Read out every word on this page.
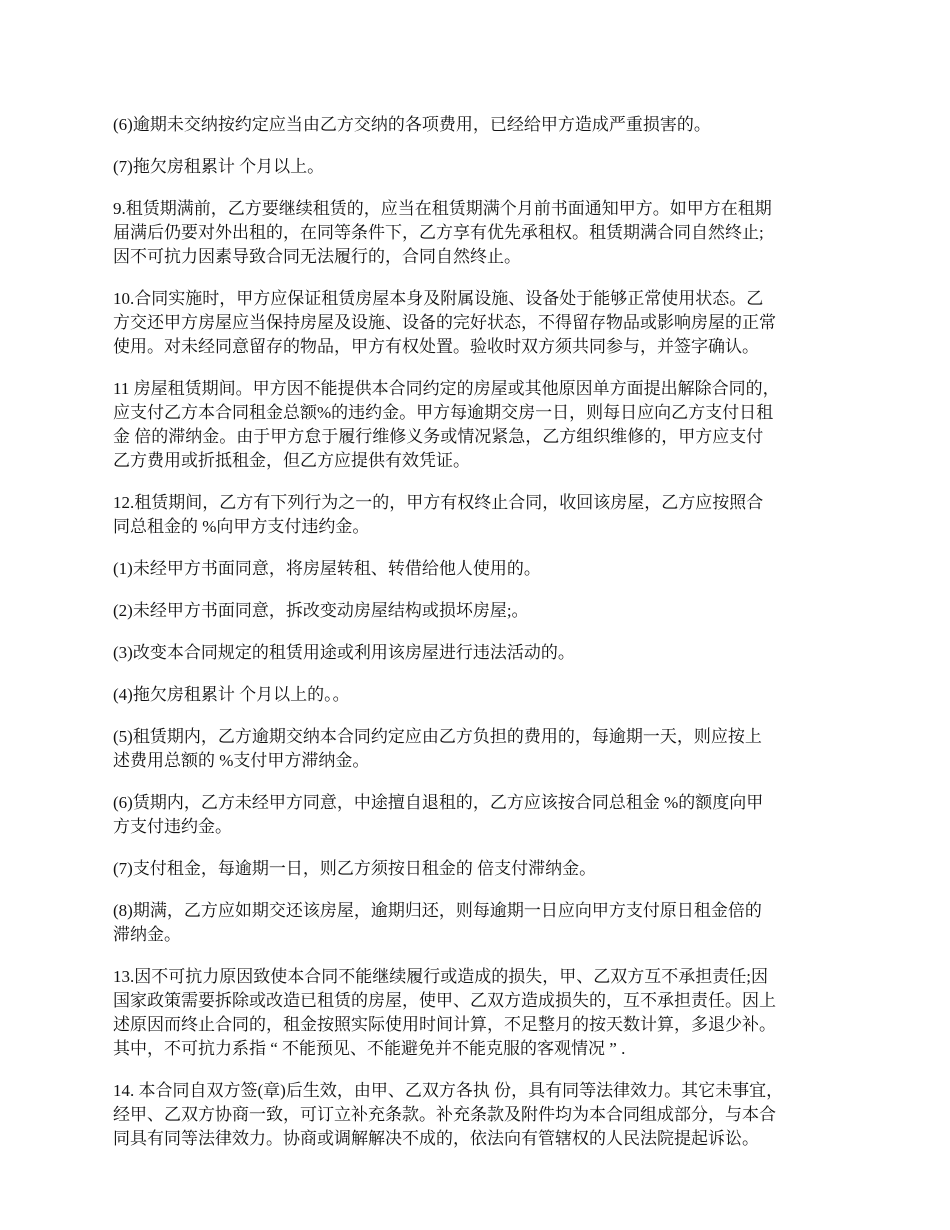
(6)逾期未交纳按约定应当由乙方交纳的各项费用，已经给甲方造成严重损害的。
(7)拖欠房租累计 个月以上。
9.租赁期满前，乙方要继续租赁的，应当在租赁期满个月前书面通知甲方。如甲方在租期
届满后仍要对外出租的，在同等条件下，乙方享有优先承租权。租赁期满合同自然终止;
因不可抗力因素导致合同无法履行的，合同自然终止。
10.合同实施时，甲方应保证租赁房屋本身及附属设施、设备处于能够正常使用状态。乙
方交还甲方房屋应当保持房屋及设施、设备的完好状态，不得留存物品或影响房屋的正常
使用。对未经同意留存的物品，甲方有权处置。验收时双方须共同参与，并签字确认。
11 房屋租赁期间。甲方因不能提供本合同约定的房屋或其他原因单方面提出解除合同的，
应支付乙方本合同租金总额%的违约金。甲方每逾期交房一日，则每日应向乙方支付日租
金 倍的滞纳金。由于甲方怠于履行维修义务或情况紧急，乙方组织维修的，甲方应支付
乙方费用或折抵租金，但乙方应提供有效凭证。
12.租赁期间，乙方有下列行为之一的，甲方有权终止合同，收回该房屋，乙方应按照合
同总租金的 %向甲方支付违约金。
(1)未经甲方书面同意，将房屋转租、转借给他人使用的。
(2)未经甲方书面同意，拆改变动房屋结构或损坏房屋;。
(3)改变本合同规定的租赁用途或利用该房屋进行违法活动的。
(4)拖欠房租累计 个月以上的。。
(5)租赁期内，乙方逾期交纳本合同约定应由乙方负担的费用的，每逾期一天，则应按上
述费用总额的 %支付甲方滞纳金。
(6)赁期内，乙方未经甲方同意，中途擅自退租的，乙方应该按合同总租金 %的额度向甲
方支付违约金。
(7)支付租金，每逾期一日，则乙方须按日租金的 倍支付滞纳金。
(8)期满，乙方应如期交还该房屋，逾期归还，则每逾期一日应向甲方支付原日租金倍的
滞纳金。
13.因不可抗力原因致使本合同不能继续履行或造成的损失，甲、乙双方互不承担责任;因
国家政策需要拆除或改造已租赁的房屋，使甲、乙双方造成损失的，互不承担责任。因上
述原因而终止合同的，租金按照实际使用时间计算，不足整月的按天数计算，多退少补。
其中，不可抗力系指 “ 不能预见、不能避免并不能克服的客观情况 ” .
14. 本合同自双方签(章)后生效，由甲、乙双方各执 份，具有同等法律效力。其它未事宜，
经甲、乙双方协商一致，可订立补充条款。补充条款及附件均为本合同组成部分，与本合
同具有同等法律效力。协商或调解解决不成的，依法向有管辖权的人民法院提起诉讼。
